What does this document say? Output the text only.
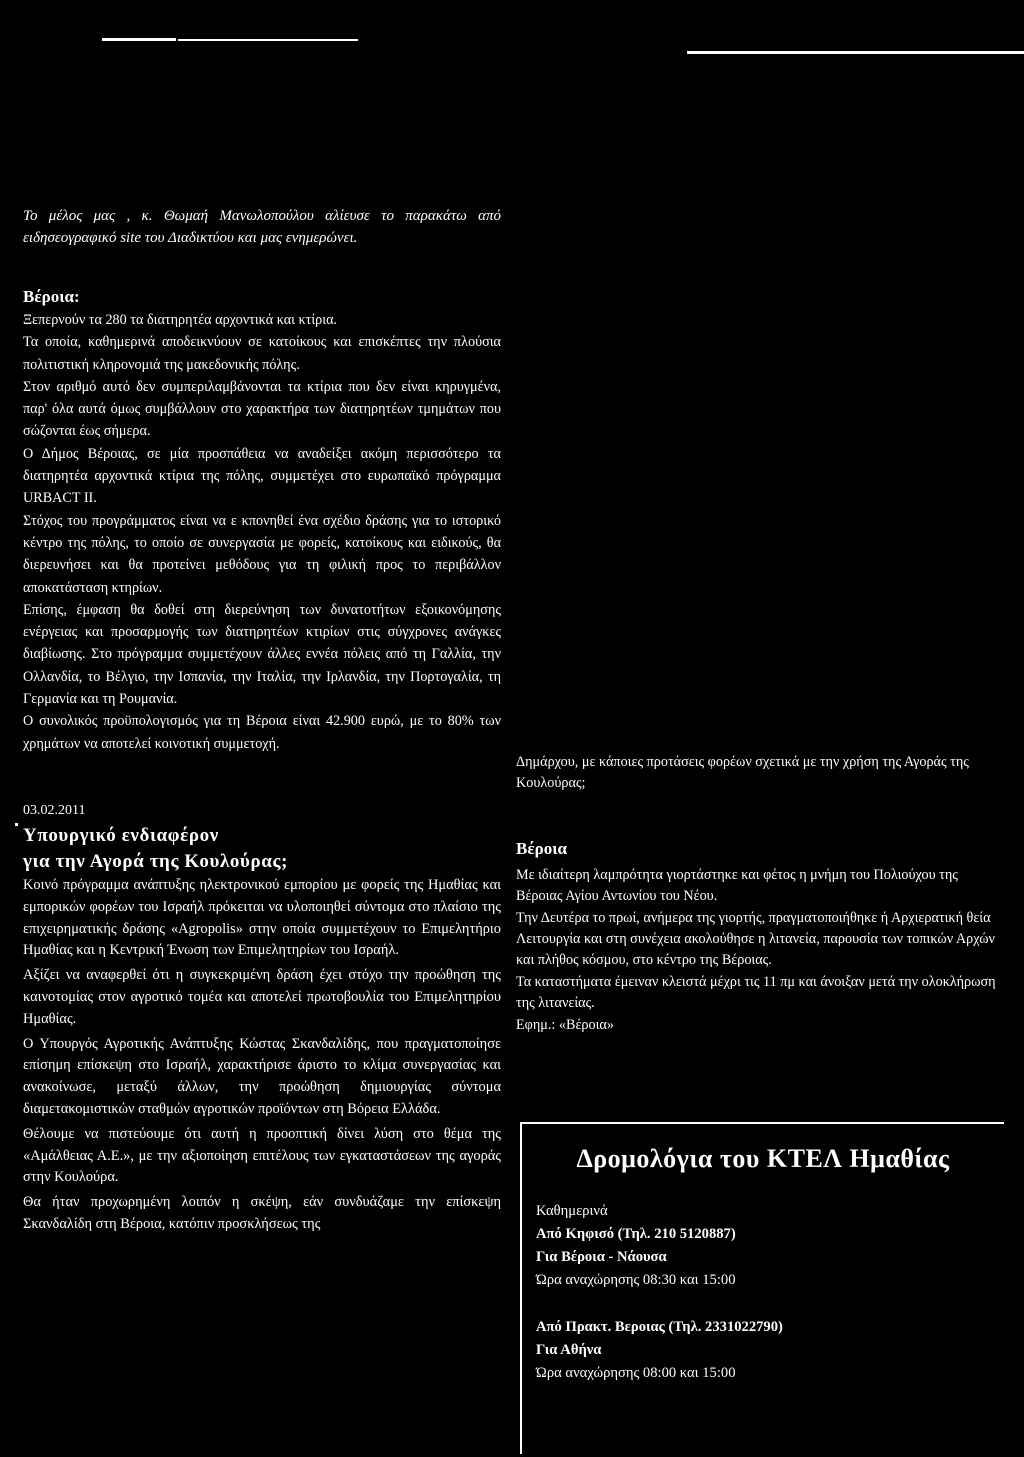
Το μέλος μας , κ. Θωμαή Μανωλοπούλου αλίευσε το παρακάτω από ειδησεογραφικό site του Διαδικτύου και μας ενημερώνει.

Βέροια:

Ξεπερνούν τα 280 τα διατηρητέα αρχοντικά και κτίρια.

Τα οποία, καθημερινά αποδεικνύουν σε κατοίκους και επισκέπτες την πλούσια πολιτιστική κληρονομιά της μακεδονικής πόλης.

Στον αριθμό αυτό δεν συμπεριλαμβάνονται τα κτίρια που δεν είναι κηρυγμένα, παρ' όλα αυτά όμως συμβάλλουν στο χαρακτήρα των διατηρητέων τμημάτων που σώζονται έως σήμερα.

Ο Δήμος Βέροιας, σε μία προσπάθεια να αναδείξει ακόμη περισσότερο τα διατηρητέα αρχοντικά κτίρια της πόλης, συμμετέχει στο ευρωπαϊκό πρόγραμμα URBACT II.

Στόχος του προγράμματος είναι να ε κπονηθεί ένα σχέδιο δράσης για το ιστορικό κέντρο της πόλης, το οποίο σε συνεργασία με φορείς, κατοίκους και ειδικούς, θα διερευνήσει και θα προτείνει μεθόδους για τη φιλική προς το περιβάλλον αποκατάσταση κτηρίων.

Επίσης, έμφαση θα δοθεί στη διερεύνηση των δυνατοτήτων εξοικονόμησης ενέργειας και προσαρμογής των διατηρητέων κτιρίων στις σύγχρονες ανάγκες διαβίωσης. Στο πρόγραμμα συμμετέχουν άλλες εννέα πόλεις από τη Γαλλία, την Ολλανδία, το Βέλγιο, την Ισπανία, την Ιταλία, την Ιρλανδία, την Πορτογαλία, τη Γερμανία και τη Ρουμανία.

Ο συνολικός προϋπολογισμός για τη Βέροια είναι 42.900 ευρώ, με το 80% των χρημάτων να αποτελεί κοινοτική συμμετοχή.

03.02.2011
Υπουργικό ενδιαφέρον
για την Αγορά της Κουλούρας;

Κοινό πρόγραμμα ανάπτυξης ηλεκτρονικού εμπορίου με φορείς της Ημαθίας και εμπορικών φορέων του Ισραήλ πρόκειται να υλοποιηθεί σύντομα στο πλαίσιο της επιχειρηματικής δράσης «Agropolis» στην οποία συμμετέχουν το Επιμελητήριο Ημαθίας και η Κεντρική Ένωση των Επιμελητηρίων του Ισραήλ.

Αξίζει να αναφερθεί ότι η συγκεκριμένη δράση έχει στόχο την προώθηση της καινοτομίας στον αγροτικό τομέα και αποτελεί πρωτοβουλία του Επιμελητηρίου Ημαθίας.

Ο Υπουργός Αγροτικής Ανάπτυξης Κώστας Σκανδαλίδης, που πραγματοποίησε επίσημη επίσκεψη στο Ισραήλ, χαρακτήρισε άριστο το κλίμα συνεργασίας και ανακοίνωσε, μεταξύ άλλων, την προώθηση δημιουργίας σύντομα διαμετακομιστικών σταθμών αγροτικών προϊόντων στη Βόρεια Ελλάδα.

Θέλουμε να πιστεύουμε ότι αυτή η προοπτική δίνει λύση στο θέμα της «Αμάλθειας Α.Ε.», με την αξιοποίηση επιτέλους των εγκαταστάσεων της αγοράς στην Κουλούρα.

Θα ήταν προχωρημένη λοιπόν η σκέψη, εάν συνδυάζαμε την επίσκεψη Σκανδαλίδη στη Βέροια, κατόπιν προσκλήσεως της

Δημάρχου, με κάποιες προτάσεις φορέων σχετικά με την χρήση της Αγοράς της Κουλούρας;

Βέροια

Με ιδιαίτερη λαμπρότητα γιορτάστηκε και φέτος η μνήμη του Πολιούχου της Βέροιας Αγίου Αντωνίου του Νέου.

Την Δευτέρα το πρωί, ανήμερα της γιορτής, πραγματοποιήθηκε ή Αρχιερατική θεία Λειτουργία και στη συνέχεια ακολούθησε η λιτανεία, παρουσία των τοπικών Αρχών και πλήθος κόσμου, στο κέντρο της Βέροιας.

Τα καταστήματα έμειναν κλειστά μέχρι τις 11 πμ και άνοιξαν μετά την ολοκλήρωση της λιτανείας.

Εφημ.: «Βέροια»

Δρομολόγια του ΚΤΕΛ Ημαθίας
Καθημερινά
Από Κηφισό (Τηλ. 210 5120887)
Για Βέροια - Νάουσα
Ώρα αναχώρησης 08:30 και 15:00
Από Πρακτ. Βεροιας (Τηλ. 2331022790)
Για Αθήνα
Ώρα αναχώρησης 08:00 και 15:00
